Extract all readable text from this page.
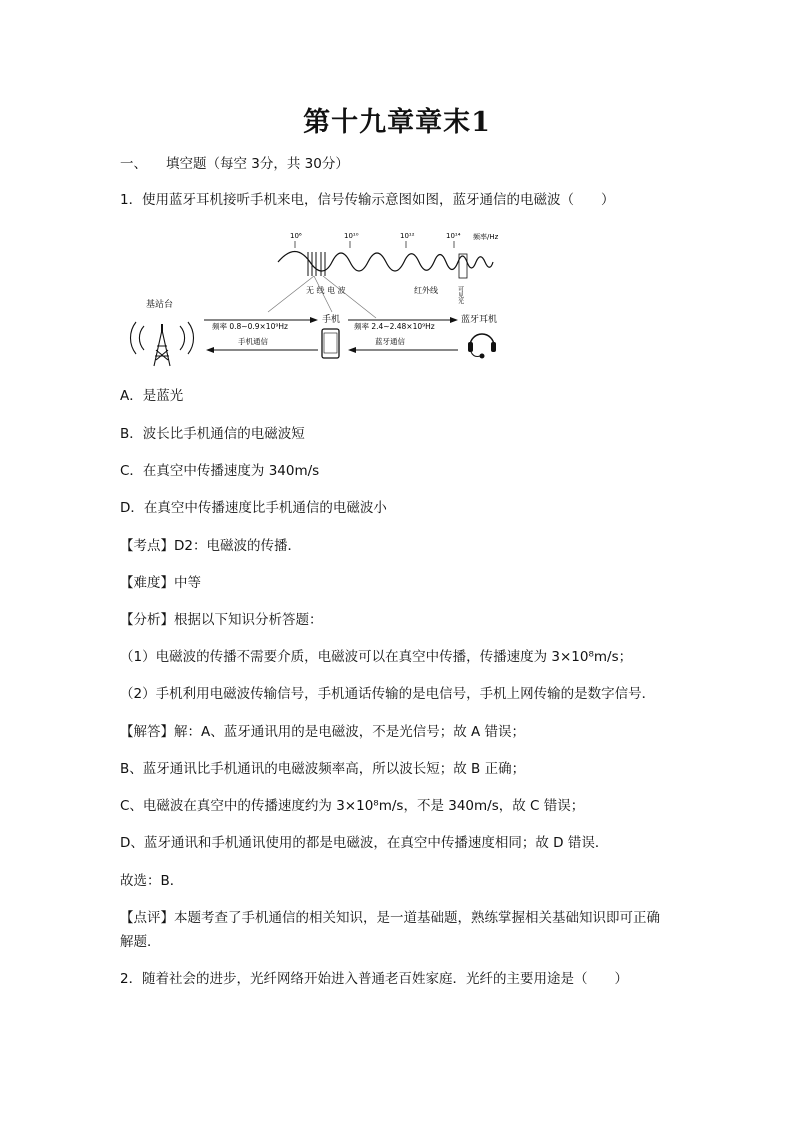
第十九章章末1
一、 填空题（每空 3分，共 30分）
1．使用蓝牙耳机接听手机来电，信号传输示意图如图，蓝牙通信的电磁波（　　）
10⁶	10¹⁰	10¹²	10¹⁴ 频率/Hz
无 线 电 波	红外线	可见光
基站台
手机	蓝牙耳机
频率 0.8~0.9×10⁹Hz
手机通信
频率 2.4~2.48×10⁹Hz
蓝牙通信
A．是蓝光
B．波长比手机通信的电磁波短
C．在真空中传播速度为 340m/s
D．在真空中传播速度比手机通信的电磁波小
【考点】D2：电磁波的传播．
【难度】中等
【分析】根据以下知识分析答题：
（1）电磁波的传播不需要介质，电磁波可以在真空中传播，传播速度为 3×10⁸m/s；
（2）手机利用电磁波传输信号，手机通话传输的是电信号，手机上网传输的是数字信号．
【解答】解：A、蓝牙通讯用的是电磁波，不是光信号；故 A 错误；
B、蓝牙通讯比手机通讯的电磁波频率高，所以波长短；故 B 正确；
C、电磁波在真空中的传播速度约为 3×10⁸m/s，不是 340m/s，故 C 错误；
D、蓝牙通讯和手机通讯使用的都是电磁波，在真空中传播速度相同；故 D 错误．
故选：B．
【点评】本题考查了手机通信的相关知识，是一道基础题，熟练掌握相关基础知识即可正确
解题．
2．随着社会的进步，光纤网络开始进入普通老百姓家庭．光纤的主要用途是（　　）
